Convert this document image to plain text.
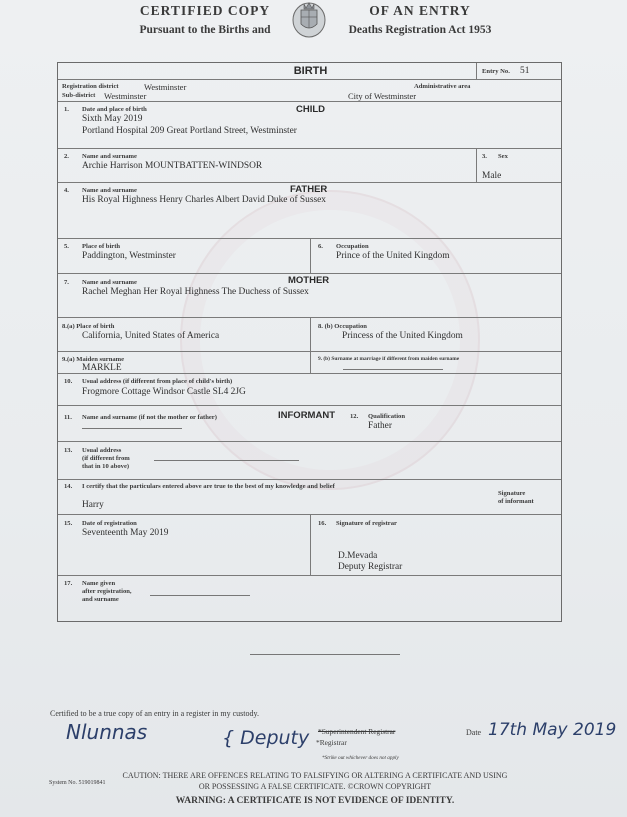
CERTIFIED COPY
Pursuant to the Births and
OF AN ENTRY
Deaths Registration Act 1953
BIRTH	Entry No. 51
Registration district	Westminster	Administrative area
Sub-district Westminster	City of Westminster
1. Date and place of birth	CHILD
Sixth May 2019
Portland Hospital 209 Great Portland Street, Westminster
2. Name and surname
Archie Harrison MOUNTBATTEN-WINDSOR
3. Sex
Male
4. Name and surname	FATHER
His Royal Highness Henry Charles Albert David Duke of Sussex
5. Place of birth
Paddington, Westminster
6. Occupation
Prince of the United Kingdom
7. Name and surname	MOTHER
Rachel Meghan Her Royal Highness The Duchess of Sussex
8.(a) Place of birth
California, United States of America
8. (b) Occupation
Princess of the United Kingdom
9.(a) Maiden surname
MARKLE
9. (b) Surname at marriage if different from maiden surname
10. Usual address (if different from place of child's birth)
Frogmore Cottage Windsor Castle SL4 2JG
11. Name and surname (if not the mother or father)	INFORMANT 12. Qualification
Father
13. Usual address
(if different from
that in 10 above)
14. I certify that the particulars entered above are true to the best of my knowledge and belief
Harry
Signature
of informant
15. Date of registration
Seventeenth May 2019
16. Signature of registrar
D.Mevada
Deputy Registrar
17. Name given
after registration,
and surname
Certified to be a true copy of an entry in a register in my custody.
Nlunnas	{ Deputy *Superintendent Registrar
*Registrar
*Strike out whichever does not apply
Date 17th May 2019
System No. 519019841
CAUTION: THERE ARE OFFENCES RELATING TO FALSIFYING OR ALTERING A CERTIFICATE AND USING
OR POSSESSING A FALSE CERTIFICATE. ©CROWN COPYRIGHT
WARNING: A CERTIFICATE IS NOT EVIDENCE OF IDENTITY.
